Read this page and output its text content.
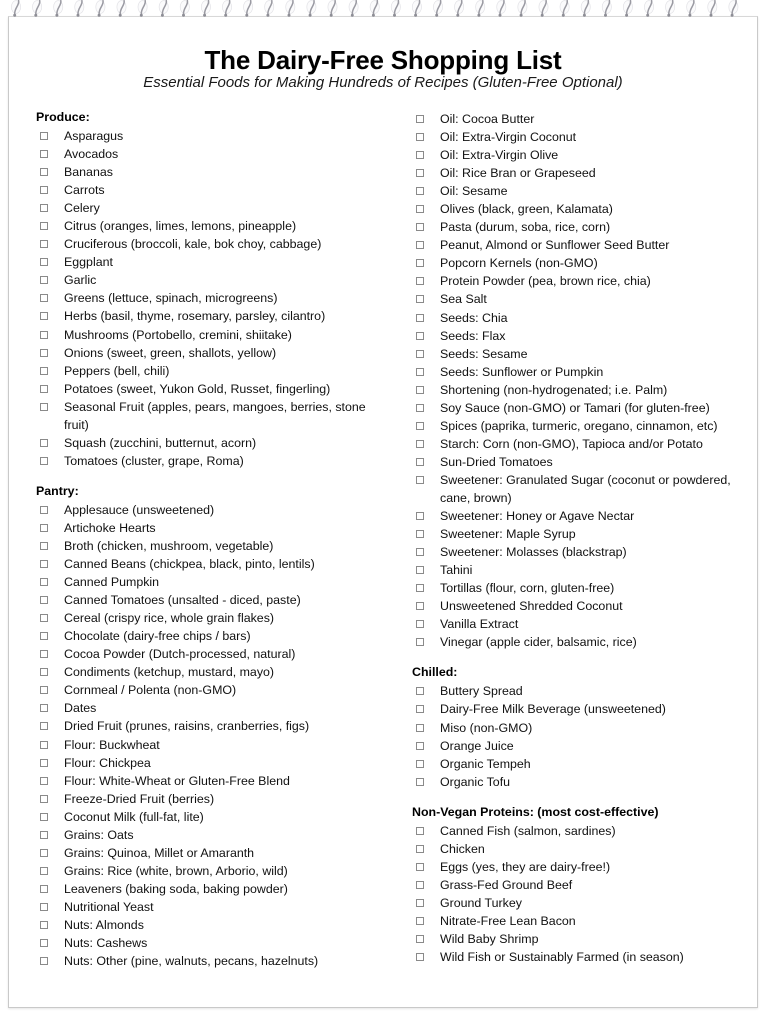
The Dairy-Free Shopping List
Essential Foods for Making Hundreds of Recipes (Gluten-Free Optional)
Produce:
Asparagus
Avocados
Bananas
Carrots
Celery
Citrus (oranges, limes, lemons, pineapple)
Cruciferous (broccoli, kale, bok choy, cabbage)
Eggplant
Garlic
Greens (lettuce, spinach, microgreens)
Herbs (basil, thyme, rosemary, parsley, cilantro)
Mushrooms (Portobello, cremini, shiitake)
Onions (sweet, green, shallots, yellow)
Peppers (bell, chili)
Potatoes (sweet, Yukon Gold, Russet, fingerling)
Seasonal Fruit (apples, pears, mangoes, berries, stone fruit)
Squash (zucchini, butternut, acorn)
Tomatoes (cluster, grape, Roma)
Pantry:
Applesauce (unsweetened)
Artichoke Hearts
Broth (chicken, mushroom, vegetable)
Canned Beans (chickpea, black, pinto, lentils)
Canned Pumpkin
Canned Tomatoes (unsalted - diced, paste)
Cereal (crispy rice, whole grain flakes)
Chocolate (dairy-free chips / bars)
Cocoa Powder (Dutch-processed, natural)
Condiments (ketchup, mustard, mayo)
Cornmeal / Polenta (non-GMO)
Dates
Dried Fruit (prunes, raisins, cranberries, figs)
Flour: Buckwheat
Flour: Chickpea
Flour: White-Wheat or Gluten-Free Blend
Freeze-Dried Fruit (berries)
Coconut Milk (full-fat, lite)
Grains: Oats
Grains: Quinoa, Millet or Amaranth
Grains: Rice (white, brown, Arborio, wild)
Leaveners (baking soda, baking powder)
Nutritional Yeast
Nuts: Almonds
Nuts: Cashews
Nuts: Other (pine, walnuts, pecans, hazelnuts)
Oil: Cocoa Butter
Oil: Extra-Virgin Coconut
Oil: Extra-Virgin Olive
Oil: Rice Bran or Grapeseed
Oil: Sesame
Olives (black, green, Kalamata)
Pasta (durum, soba, rice, corn)
Peanut, Almond or Sunflower Seed Butter
Popcorn Kernels (non-GMO)
Protein Powder (pea, brown rice, chia)
Sea Salt
Seeds: Chia
Seeds: Flax
Seeds: Sesame
Seeds: Sunflower or Pumpkin
Shortening (non-hydrogenated; i.e. Palm)
Soy Sauce (non-GMO) or Tamari (for gluten-free)
Spices (paprika, turmeric, oregano, cinnamon, etc)
Starch: Corn (non-GMO), Tapioca and/or Potato
Sun-Dried Tomatoes
Sweetener: Granulated Sugar (coconut or powdered, cane, brown)
Sweetener: Honey or Agave Nectar
Sweetener: Maple Syrup
Sweetener: Molasses (blackstrap)
Tahini
Tortillas (flour, corn, gluten-free)
Unsweetened Shredded Coconut
Vanilla Extract
Vinegar (apple cider, balsamic, rice)
Chilled:
Buttery Spread
Dairy-Free Milk Beverage (unsweetened)
Miso (non-GMO)
Orange Juice
Organic Tempeh
Organic Tofu
Non-Vegan Proteins: (most cost-effective)
Canned Fish (salmon, sardines)
Chicken
Eggs (yes, they are dairy-free!)
Grass-Fed Ground Beef
Ground Turkey
Nitrate-Free Lean Bacon
Wild Baby Shrimp
Wild Fish or Sustainably Farmed (in season)
